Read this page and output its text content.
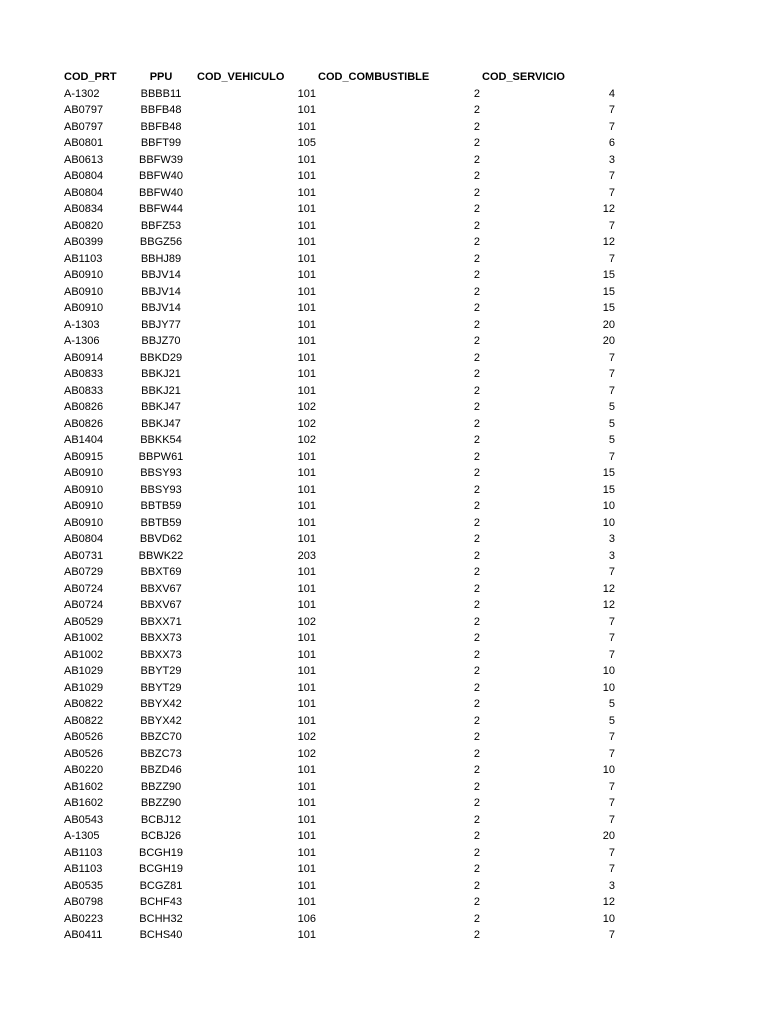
COD_PRT	PPU	COD_VEHICULO	COD_COMBUSTIBLE	COD_SERVICIO
A-1302	BBBB11	101	2	4
AB0797	BBFB48	101	2	7
AB0797	BBFB48	101	2	7
AB0801	BBFT99	105	2	6
AB0613	BBFW39	101	2	3
AB0804	BBFW40	101	2	7
AB0804	BBFW40	101	2	7
AB0834	BBFW44	101	2	12
AB0820	BBFZ53	101	2	7
AB0399	BBGZ56	101	2	12
AB1103	BBHJ89	101	2	7
AB0910	BBJV14	101	2	15
AB0910	BBJV14	101	2	15
AB0910	BBJV14	101	2	15
A-1303	BBJY77	101	2	20
A-1306	BBJZ70	101	2	20
AB0914	BBKD29	101	2	7
AB0833	BBKJ21	101	2	7
AB0833	BBKJ21	101	2	7
AB0826	BBKJ47	102	2	5
AB0826	BBKJ47	102	2	5
AB1404	BBKK54	102	2	5
AB0915	BBPW61	101	2	7
AB0910	BBSY93	101	2	15
AB0910	BBSY93	101	2	15
AB0910	BBTB59	101	2	10
AB0910	BBTB59	101	2	10
AB0804	BBVD62	101	2	3
AB0731	BBWK22	203	2	3
AB0729	BBXT69	101	2	7
AB0724	BBXV67	101	2	12
AB0724	BBXV67	101	2	12
AB0529	BBXX71	102	2	7
AB1002	BBXX73	101	2	7
AB1002	BBXX73	101	2	7
AB1029	BBYT29	101	2	10
AB1029	BBYT29	101	2	10
AB0822	BBYX42	101	2	5
AB0822	BBYX42	101	2	5
AB0526	BBZC70	102	2	7
AB0526	BBZC73	102	2	7
AB0220	BBZD46	101	2	10
AB1602	BBZZ90	101	2	7
AB1602	BBZZ90	101	2	7
AB0543	BCBJ12	101	2	7
A-1305	BCBJ26	101	2	20
AB1103	BCGH19	101	2	7
AB1103	BCGH19	101	2	7
AB0535	BCGZ81	101	2	3
AB0798	BCHF43	101	2	12
AB0223	BCHH32	106	2	10
AB0411	BCHS40	101	2	7
